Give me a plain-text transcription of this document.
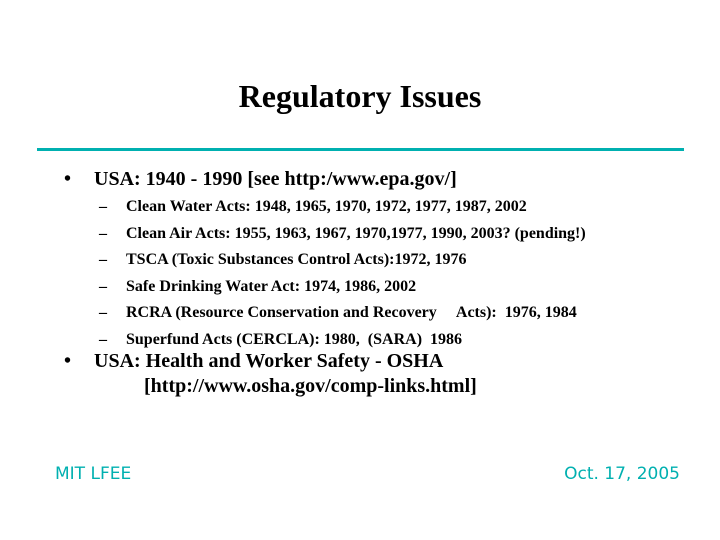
Regulatory Issues
• USA: 1940 - 1990 [see http:/www.epa.gov/]
– Clean Water Acts: 1948, 1965, 1970, 1972, 1977, 1987, 2002
– Clean Air Acts: 1955, 1963, 1967, 1970,1977, 1990, 2003? (pending!)
– TSCA (Toxic Substances Control Acts):1972, 1976
– Safe Drinking Water Act: 1974, 1986, 2002
– RCRA (Resource Conservation and Recovery     Acts):  1976, 1984
– Superfund Acts (CERCLA): 1980,  (SARA)  1986
• USA: Health and Worker Safety - OSHA
[http://www.osha.gov/comp-links.html]
MIT LFEE	Oct. 17, 2005
